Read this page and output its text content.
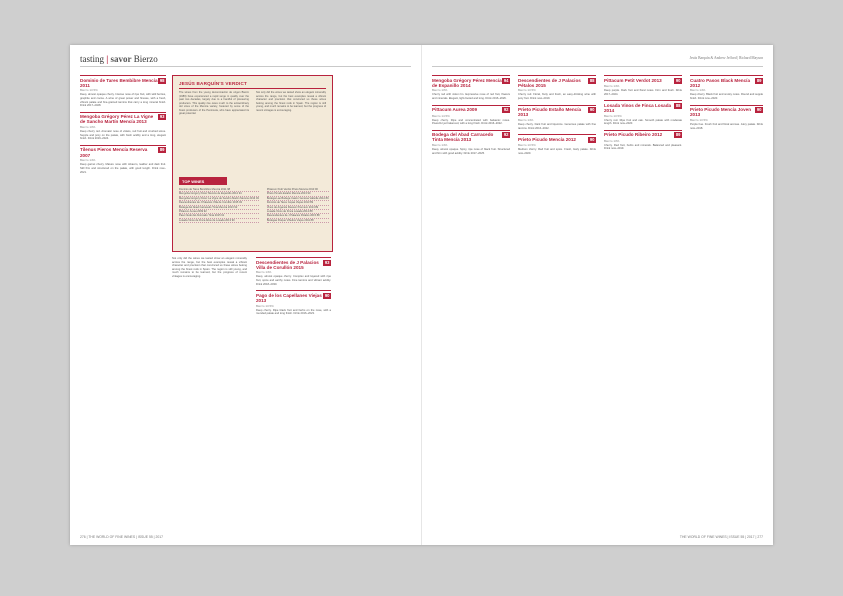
tasting | savor Bierzo
Dominio de Tares Bembibre Mencía 2011
98
Bierzo 13.5%
Deep, almost opaque cherry. Intense nose of ripe fruit, with wild berries, graphite and cocoa. A wine of great power and finesse, with a fresh, vibrant palate and fine-grained tannins that carry a long mineral finish. Drink 2017–2028.
Mengoba Grégory Pérez La Vigne de Sancho Martín Mencía 2013
93
Bierzo 13%
Deep cherry red. Aromatic nose of violets, red fruit and crushed stone. Supple and juicy on the palate, with fresh acidity and a long, elegant finish. Drink 2016–2024.
Tilenus Pieros Mencía Reserva 2007
89
Bierzo 14%
Deep garnet cherry. Mature nose with tobacco, leather and dark fruit. Still firm and structured on the palate, with good length. Drink now–2021.
JESÚS BARQUÍN'S VERDICT
The wines from the young denominación de origen Bierzo (1989) have experienced a rapid surge in quality over the past two decades, largely due to a handful of pioneering producers. This quality rise owes much to the extraordinary old vines of the Mencía variety, fostered by some of the finest producers of the Peninsula, who have appreciated its great potential.
Not only did the wines we tasted show an elegant minerality across the range, but the best examples reveal a vibrant character and precision that convinced us these wines belong among the finest reds in Spain. The region is still young, and much remains to be learned, but the progress of recent vintages is encouraging.
TOP WINES
Dominio de Tares Bembibre Mencía 2011 98	Pittacum Petit Verdot Prieto Mencía 2013 90
Mengoba Grégory Pérez Mencía de Espanillo 2014 94	Prieto Picudo Estaño Mencía 2013 90
Mengoba Grégory Pérez La Vigne de Sancho Martín Mencía 2013 93	Bodega Las Bodega Castro Ventosa Valtuille 2012 89
Descendientes de J Palacios Villa de Corullón 2015 93	Dominio de Tares Cepas Viejas 2013 89
Bodega del Abad Carracedo Tinta Mencía 2013 92	Vinos de Arganza Flavium Premium 2014 89
Pittacum Aurea 2009 92	Losada Vinos de Finca Losada 2014 88
Paso Nudo del Ahorcado Tinta 2015 91	Descendientes de J Palacios Pétalos 2015 88
Losada Vinos de Finca Altos de Losada 2013 90	Bodegas Peique Viñedos Viejos 2011 88
Not only did the wines we tasted show an elegant minerality across the range, but the best examples reveal a vibrant character and precision that convinced us these wines belong among the finest reds in Spain. The region is still young, and much remains to be learned, but the progress of recent vintages is encouraging.
Descendientes de J Palacios Villa de Corullón 2015
93
Bierzo 14%
Deep, almost opaque cherry. Complex and layered with ripe fruit, spice and earthy notes. Fine tannins and vibrant acidity. Drink 2018–2030.
Pago de los Capellanes Viejas 2013
90
Bierzo 13.5%
Deep cherry. Ripe black fruit and herbs on the nose, with a rounded palate and long finish. Drink 2016–2023.
276 | THE WORLD OF FINE WINES | ISSUE 55 | 2017
Jesús Barquín & Andrew Jefford | Richard Mayson
Mengoba Grégory Pérez Mencía de Espanillo 2014
94
Bierzo 13%
Cherry red with violet rim. Expressive nose of red fruit, flowers and minerals. Elegant, light-footed and long. Drink 2016–2026.
Pittacum Aurea 2009	92
Bierzo 14.5%
Deep cherry. Ripe and concentrated with balsamic notes. Powerful yet balanced, with a long finish. Drink 2016–2022.
Bodega del Abad Carracedo Tinta Mencía 2013
92
Bierzo 14%
Deep, almost opaque. Spicy, ripe nose of black fruit. Structured and firm with good acidity. Drink 2017–2025.
Descendientes de J Palacios Pétalos 2015
88
Bierzo 13.5%
Cherry red. Floral, fruity and fresh, an easy-drinking wine with juicy fruit. Drink now–2019.
Prieto Picudo Estaño Mencía 2013
90
Bierzo 14%
Deep cherry. Dark fruit and liquorice. Generous palate with fine tannins. Drink 2016–2022.
Prieto Picudo Mencía 2012	90
Bierzo 13.5%
Medium cherry. Red fruit and spice. Fresh, lively palate. Drink now–2020.
Pittacum Petit Verdot 2013	90
Bierzo 14%
Deep purple. Dark fruit and floral notes. Firm and fresh. Drink 2017–2024.
Losada Vinos de Finca Losada 2014
88
Bierzo 13.5%
Cherry red. Ripe fruit and oak. Smooth palate with moderate length. Drink now–2020.
Prieto Picudo Ribeiro 2012	89
Bierzo 13%
Cherry. Red fruit, herbs and minerals. Balanced and pleasant. Drink now–2019.
Cuatro Pasos Black Mencía 2012
89
Bierzo 14%
Deep cherry. Black fruit and smoky notes. Round and supple finish. Drink now–2020.
Prieto Picudo Mencía Joven 2013
90
Bierzo 13.5%
Purple hue. Fresh fruit and floral aromas. Juicy palate. Drink now–2018.
THE WORLD OF FINE WINES | ISSUE 55 | 2017 | 277
